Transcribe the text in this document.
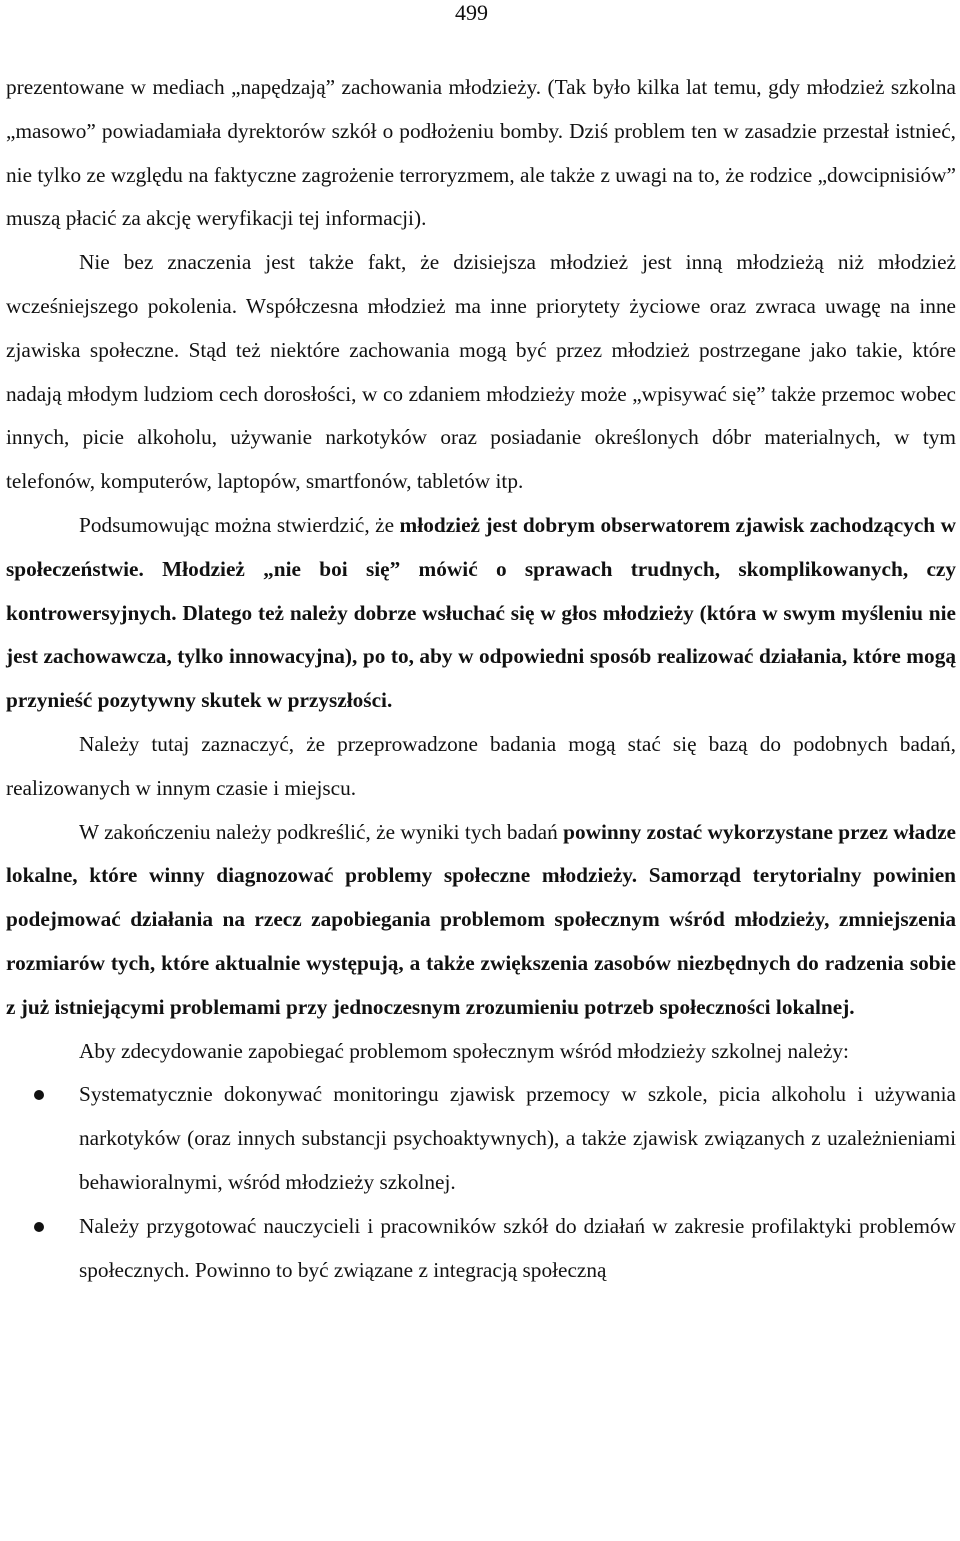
499

prezentowane w mediach „napędzają” zachowania młodzieży. (Tak było kilka lat temu, gdy młodzież szkolna „masowo” powiadamiała dyrektorów szkół o podłożeniu bomby. Dziś problem ten w zasadzie przestał istnieć, nie tylko ze względu na faktyczne zagrożenie terroryzmem, ale także z uwagi na to, że rodzice „dowcipnisiów” muszą płacić za akcję weryfikacji tej informacji).

Nie bez znaczenia jest także fakt, że dzisiejsza młodzież jest inną młodzieżą niż młodzież wcześniejszego pokolenia. Współczesna młodzież ma inne priorytety życiowe oraz zwraca uwagę na inne zjawiska społeczne. Stąd też niektóre zachowania mogą być przez młodzież postrzegane jako takie, które nadają młodym ludziom cech dorosłości, w co zdaniem młodzieży może „wpisywać się” także przemoc wobec innych, picie alkoholu, używanie narkotyków oraz posiadanie określonych dóbr materialnych, w tym telefonów, komputerów, laptopów, smartfonów, tabletów itp.

Podsumowując można stwierdzić, że młodzież jest dobrym obserwatorem zjawisk zachodzących w społeczeństwie. Młodzież „nie boi się” mówić o sprawach trudnych, skomplikowanych, czy kontrowersyjnych. Dlatego też należy dobrze wsłuchać się w głos młodzieży (która w swym myśleniu nie jest zachowawcza, tylko innowacyjna), po to, aby w odpowiedni sposób realizować działania, które mogą przynieść pozytywny skutek w przyszłości.

Należy tutaj zaznaczyć, że przeprowadzone badania mogą stać się bazą do podobnych badań, realizowanych w innym czasie i miejscu.

W zakończeniu należy podkreślić, że wyniki tych badań powinny zostać wykorzystane przez władze lokalne, które winny diagnozować problemy społeczne młodzieży. Samorząd terytorialny powinien podejmować działania na rzecz zapobiegania problemom społecznym wśród młodzieży, zmniejszenia rozmiarów tych, które aktualnie występują, a także zwiększenia zasobów niezbędnych do radzenia sobie z już istniejącymi problemami przy jednoczesnym zrozumieniu potrzeb społeczności lokalnej.

Aby zdecydowanie zapobiegać problemom społecznym wśród młodzieży szkolnej należy:

Systematycznie dokonywać monitoringu zjawisk przemocy w szkole, picia alkoholu i używania narkotyków (oraz innych substancji psychoaktywnych), a także zjawisk związanych z uzależnieniami behawioralnymi, wśród młodzieży szkolnej.
Należy przygotować nauczycieli i pracowników szkół do działań w zakresie profilaktyki problemów społecznych. Powinno to być związane z integracją społeczną
